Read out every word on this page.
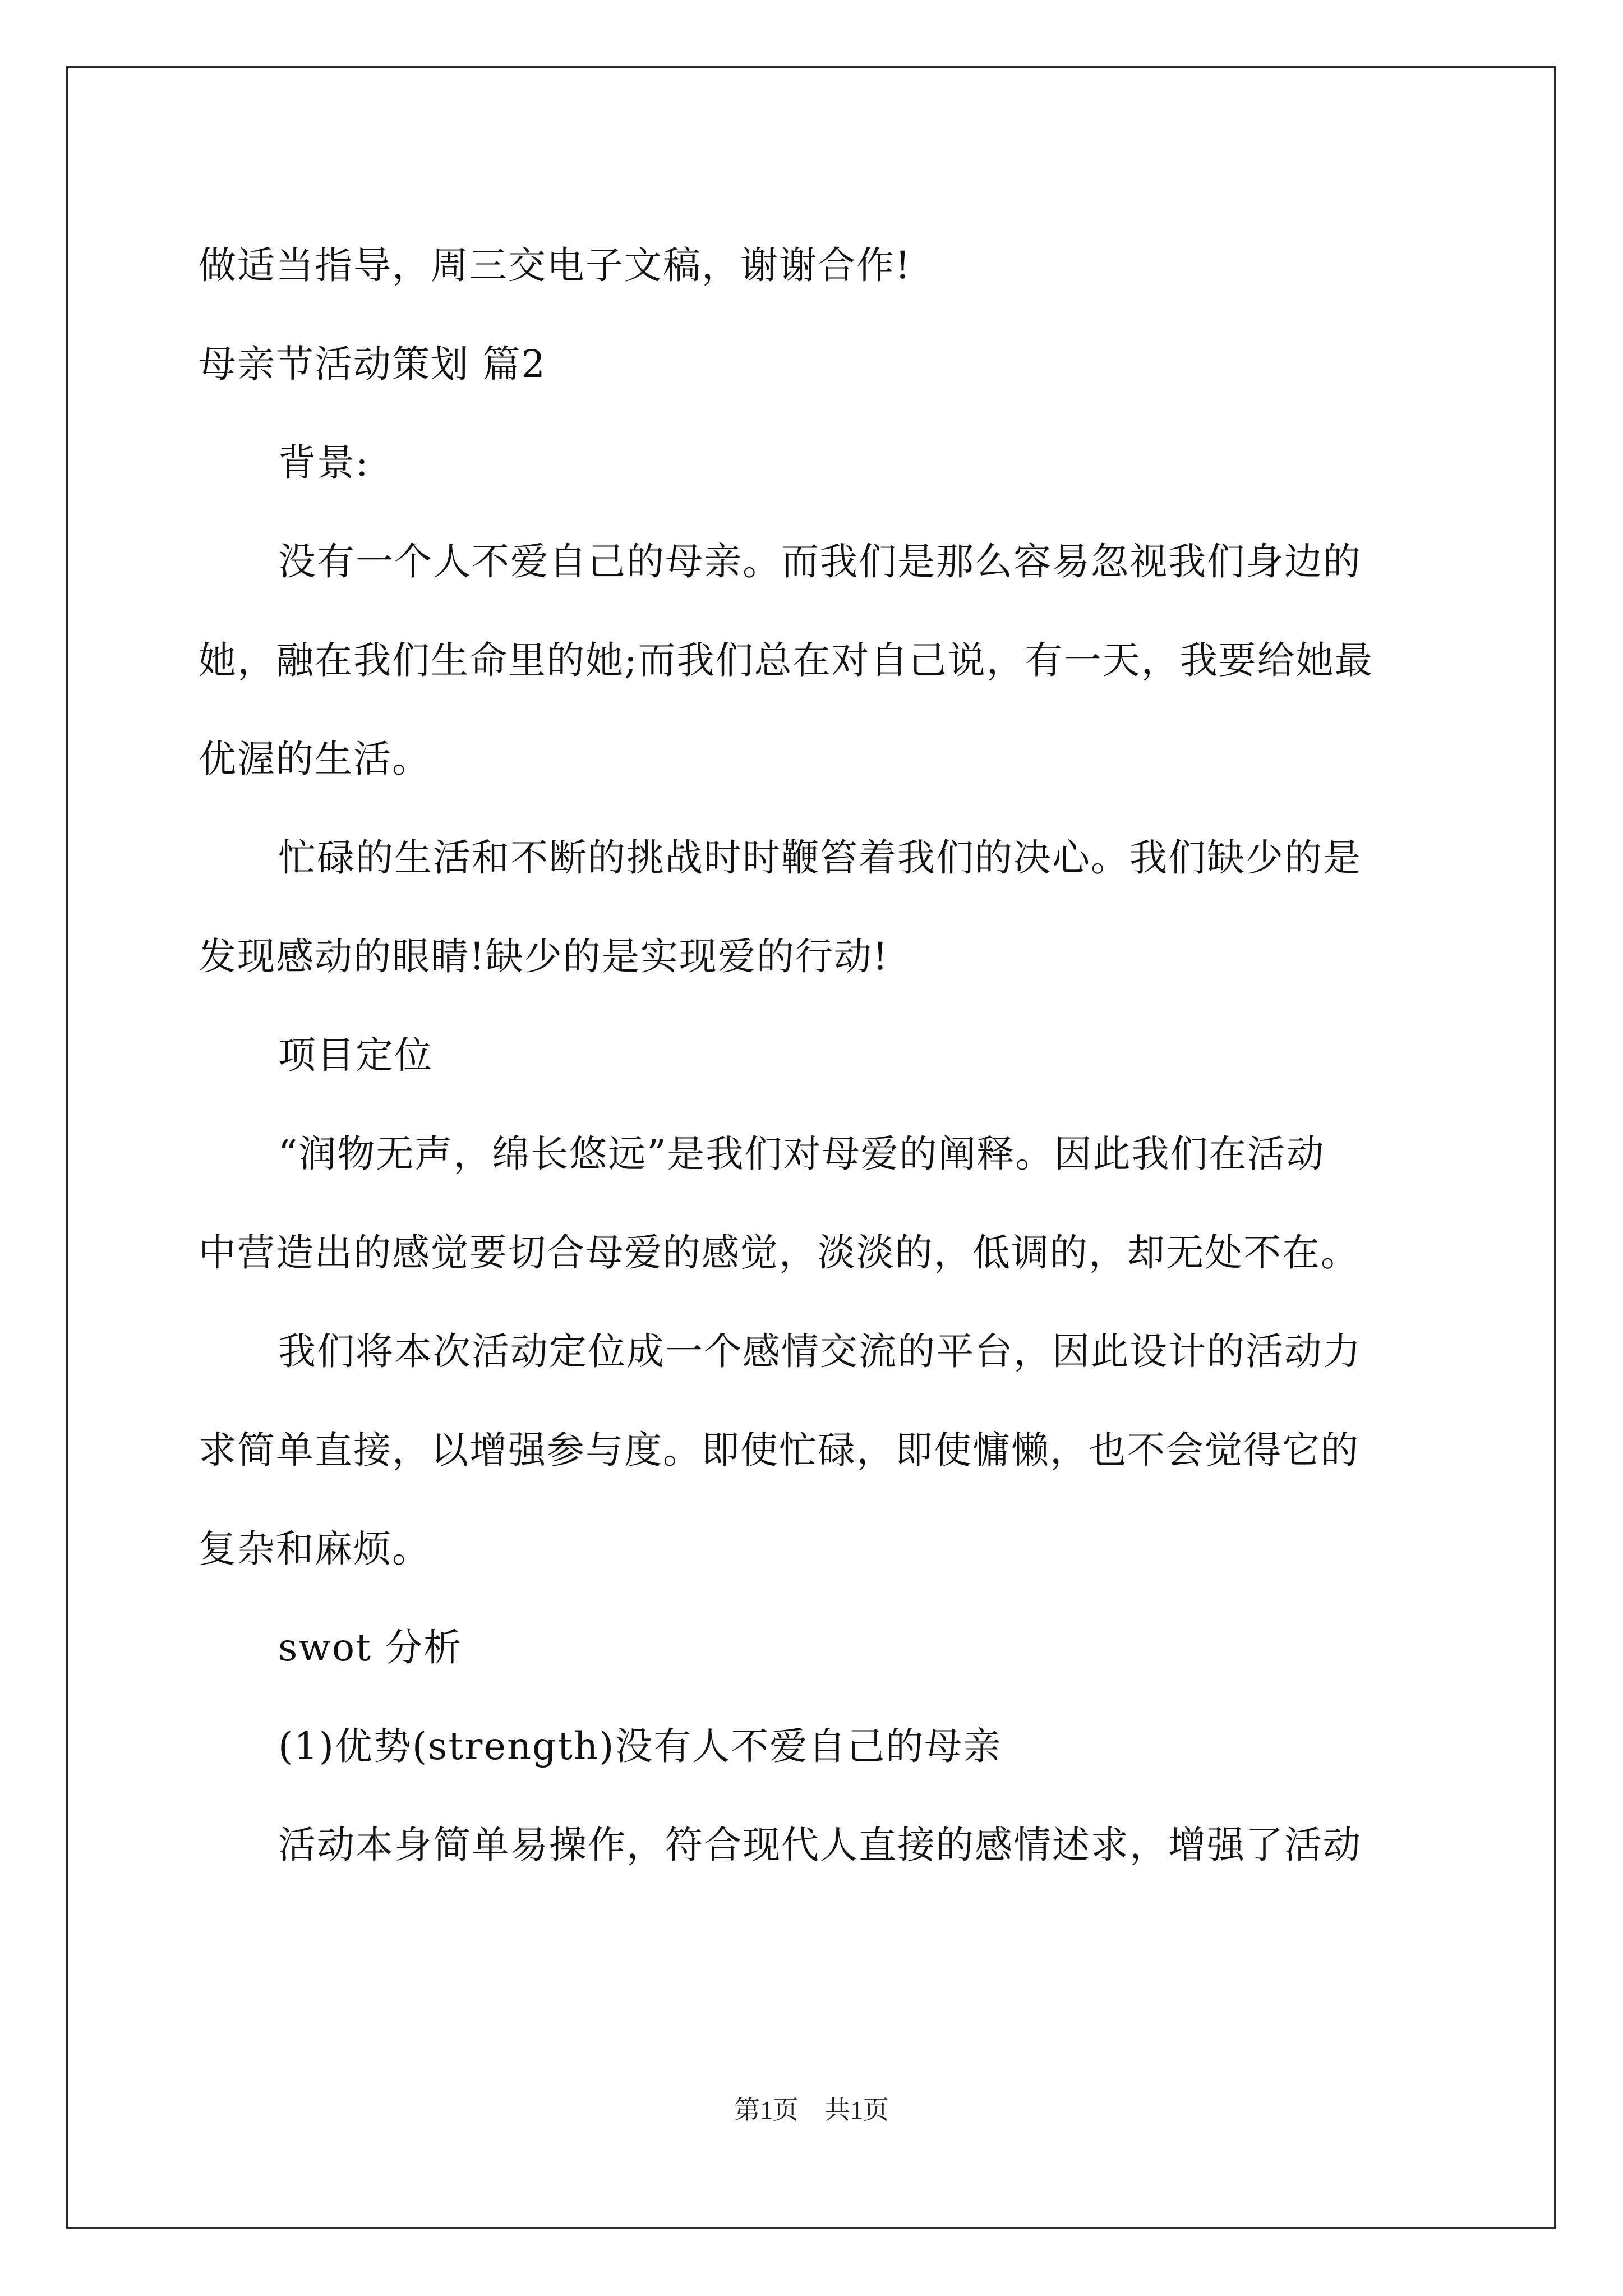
做适当指导，周三交电子文稿，谢谢合作!

母亲节活动策划 篇2

背景:

没有一个人不爱自己的母亲。而我们是那么容易忽视我们身边的

她，融在我们生命里的她;而我们总在对自己说，有一天，我要给她最

优渥的生活。

忙碌的生活和不断的挑战时时鞭笞着我们的决心。我们缺少的是

发现感动的眼睛!缺少的是实现爱的行动!

项目定位

“润物无声，绵长悠远”是我们对母爱的阐释。因此我们在活动

中营造出的感觉要切合母爱的感觉，淡淡的，低调的，却无处不在。

我们将本次活动定位成一个感情交流的平台，因此设计的活动力

求简单直接，以增强参与度。即使忙碌，即使慵懒，也不会觉得它的

复杂和麻烦。

swot 分析

(1)优势(strength)没有人不爱自己的母亲

活动本身简单易操作，符合现代人直接的感情述求，增强了活动

第1页 共1页
